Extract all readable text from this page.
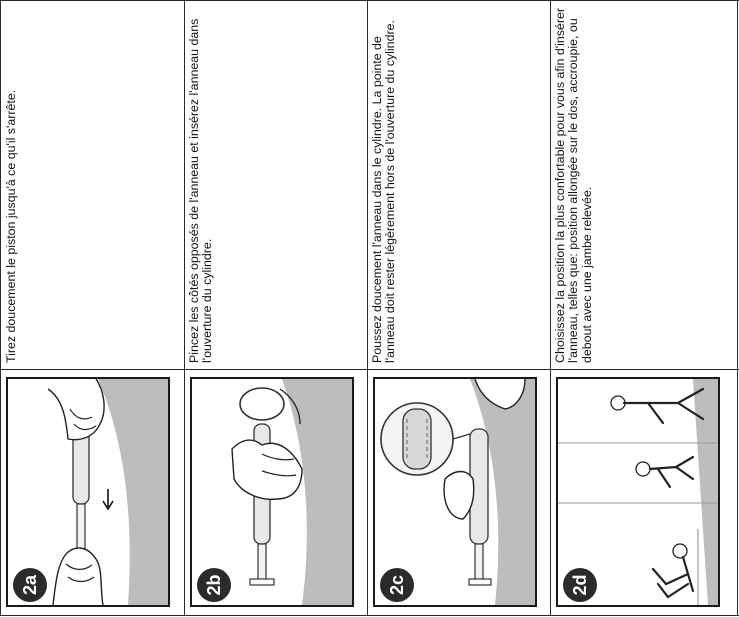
Tirez doucement le piston jusqu'à ce qu'il s'arrête.	Pincez les côtés opposés de l'anneau et insérez l'anneau dans l'ouverture du cylindre.	Poussez doucement l'anneau dans le cylindre. La pointe de l'anneau doit rester légèrement hors de l'ouverture du cylindre.	Choisissez la position la plus confortable pour vous afin d'insérer l'anneau, telles que: position allongée sur le dos, accroupie, ou debout avec une jambe relevée.
2a	2b	2c	2d
